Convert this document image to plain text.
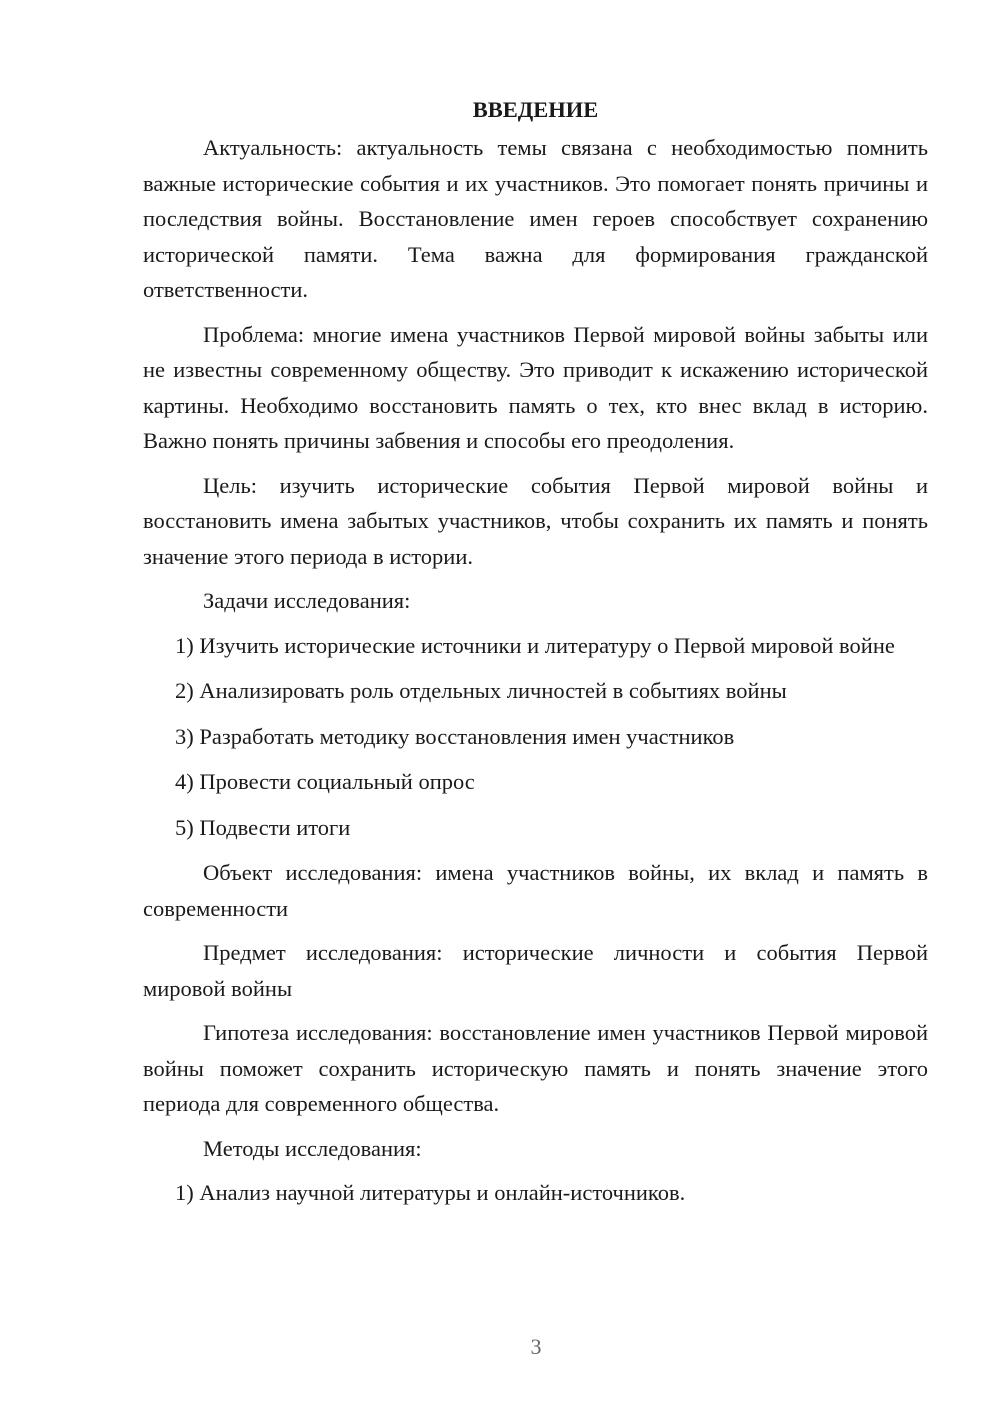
ВВЕДЕНИЕ

Актуальность: актуальность темы связана с необходимостью помнить важные исторические события и их участников. Это помогает понять причины и последствия войны. Восстановление имен героев способствует сохранению исторической памяти. Тема важна для формирования гражданской ответственности.

Проблема: многие имена участников Первой мировой войны забыты или не известны современному обществу. Это приводит к искажению исторической картины. Необходимо восстановить память о тех, кто внес вклад в историю. Важно понять причины забвения и способы его преодоления.

Цель: изучить исторические события Первой мировой войны и восстановить имена забытых участников, чтобы сохранить их память и понять значение этого периода в истории.

Задачи исследования:

1) Изучить исторические источники и литературу о Первой мировой войне

2) Анализировать роль отдельных личностей в событиях войны

3) Разработать методику восстановления имен участников

4) Провести социальный опрос

5) Подвести итоги

Объект исследования: имена участников войны, их вклад и память в современности

Предмет исследования: исторические личности и события Первой мировой войны

Гипотеза исследования: восстановление имен участников Первой мировой войны поможет сохранить историческую память и понять значение этого периода для современного общества.

Методы исследования:

1) Анализ научной литературы и онлайн-источников.

3
